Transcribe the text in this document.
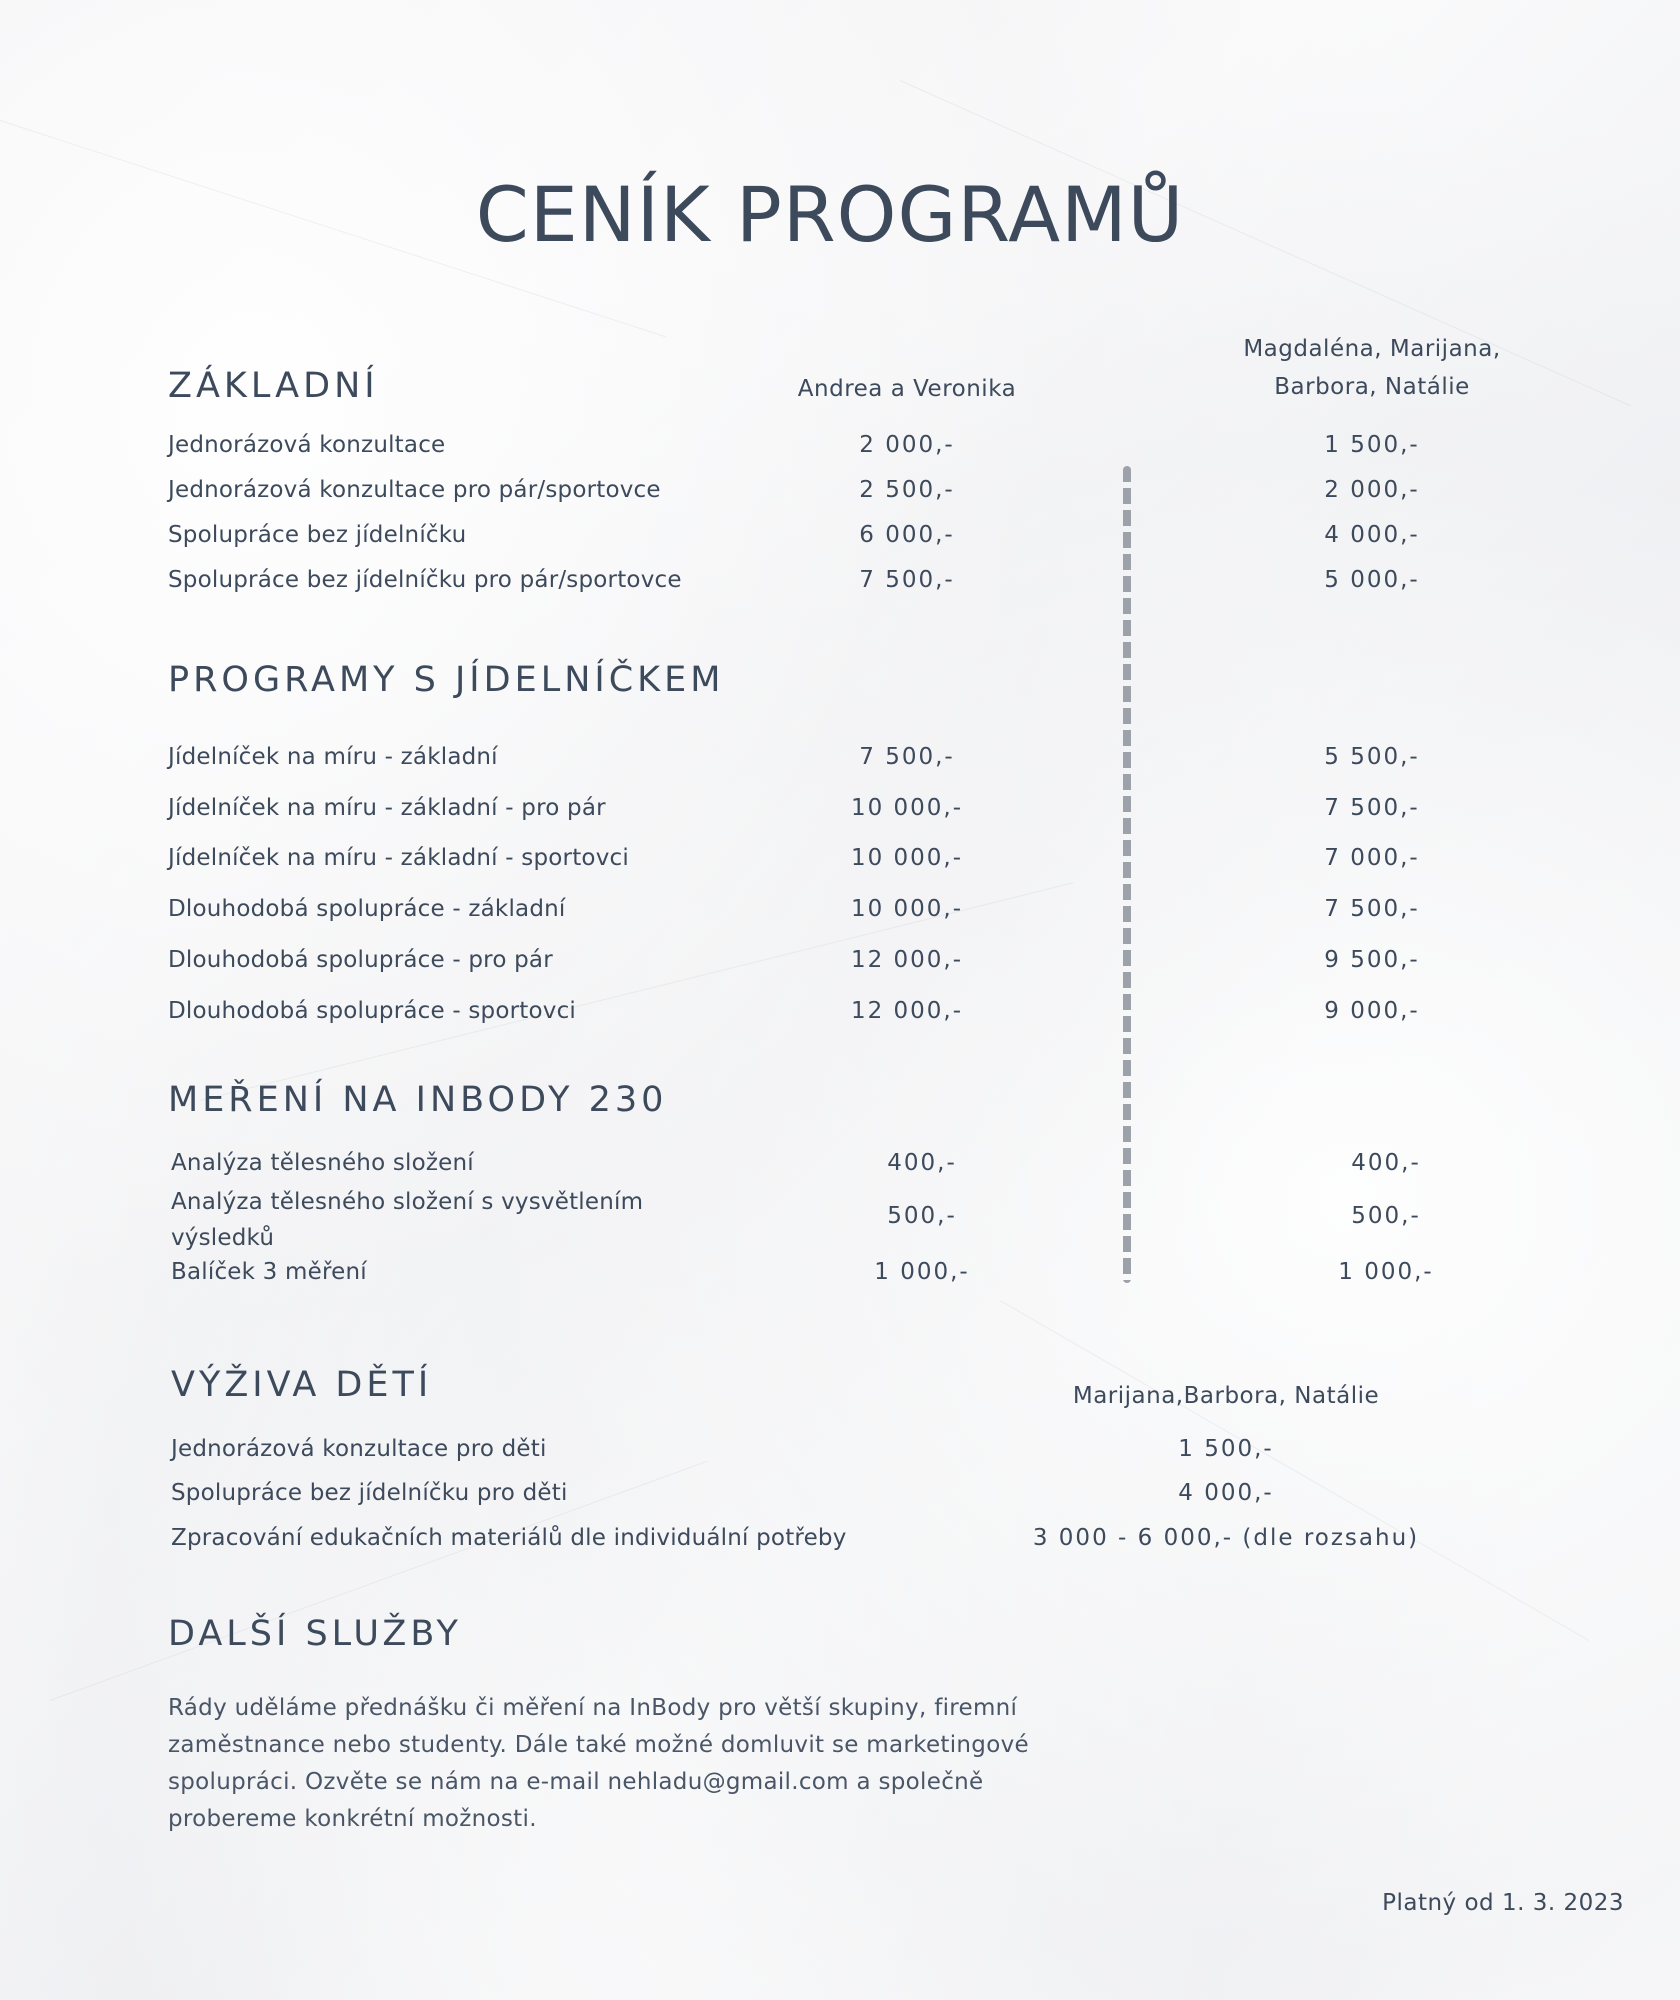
CENÍK PROGRAMŮ
Andrea a Veronika
Magdaléna, Marijana,
Barbora, Natálie
ZÁKLADNÍ
Jednorázová konzultace	2 000,-	1 500,-
Jednorázová konzultace pro pár/sportovce	2 500,-	2 000,-
Spolupráce bez jídelníčku	6 000,-	4 000,-
Spolupráce bez jídelníčku pro pár/sportovce	7 500,-	5 000,-
PROGRAMY S JÍDELNÍČKEM
Jídelníček na míru - základní	7 500,-	5 500,-
Jídelníček na míru - základní - pro pár	10 000,-	7 500,-
Jídelníček na míru - základní - sportovci	10 000,-	7 000,-
Dlouhodobá spolupráce - základní	10 000,-	7 500,-
Dlouhodobá spolupráce - pro pár	12 000,-	9 500,-
Dlouhodobá spolupráce - sportovci	12 000,-	9 000,-
MEŘENÍ NA INBODY 230
Analýza tělesného složení	400,-	400,-
Analýza tělesného složení s vysvětlením výsledků
500,-	500,-
Balíček 3 měření	1 000,-	1 000,-
VÝŽIVA DĚTÍ	Marijana,Barbora, Natálie
Jednorázová konzultace pro děti	1 500,-
Spolupráce bez jídelníčku pro děti	4 000,-
Zpracování edukačních materiálů dle individuální potřeby	3 000 - 6 000,- (dle rozsahu)
DALŠÍ SLUŽBY

Rády uděláme přednášku či měření na InBody pro větší skupiny, firemní zaměstnance nebo studenty. Dále také možné domluvit se marketingové spolupráci. Ozvěte se nám na e-mail nehladu@gmail.com a společně probereme konkrétní možnosti.

Platný od 1. 3. 2023
